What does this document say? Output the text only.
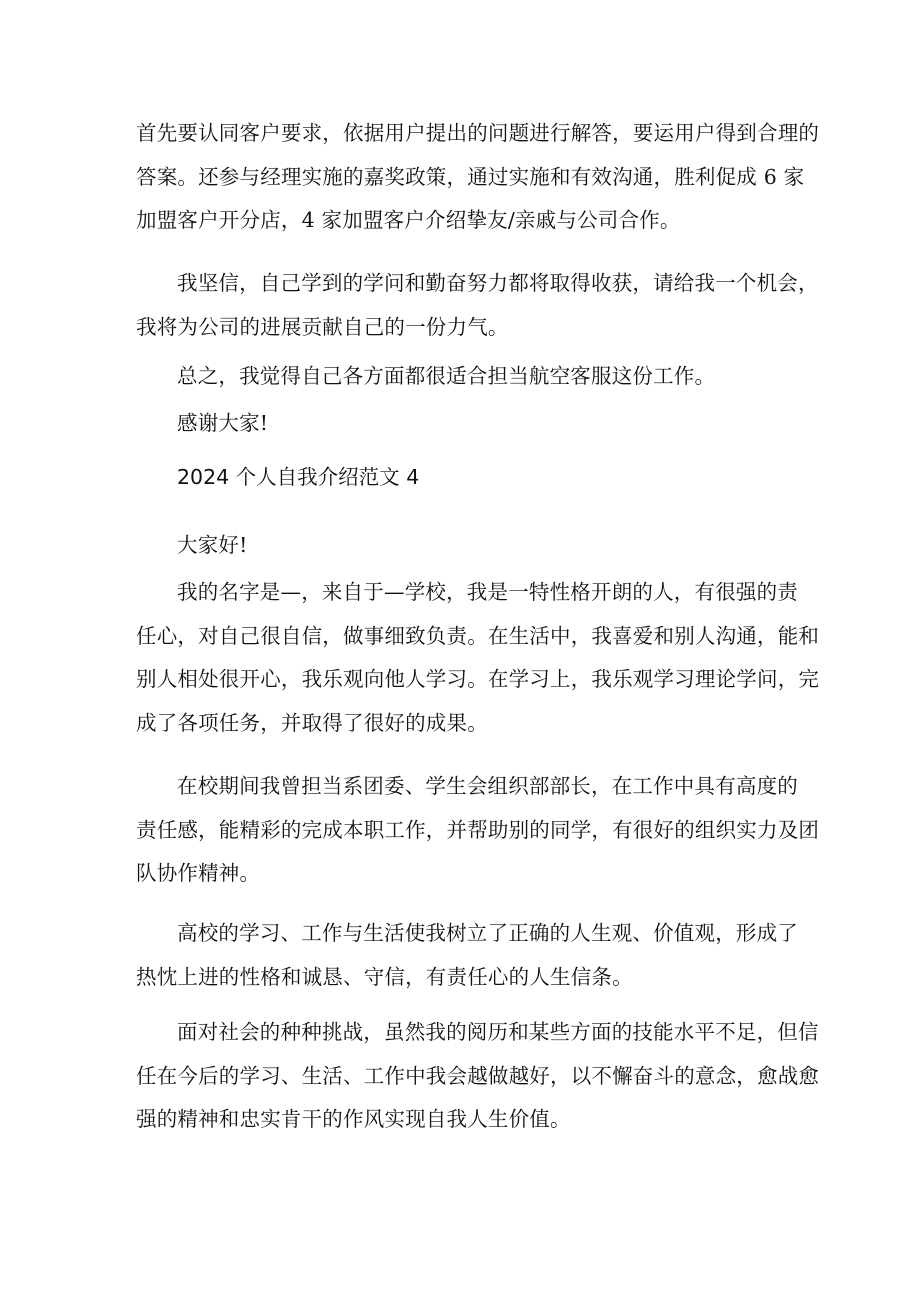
首先要认同客户要求，依据用户提出的问题进行解答，要运用户得到合理的
答案。还参与经理实施的嘉奖政策，通过实施和有效沟通，胜利促成 6 家
加盟客户开分店，4 家加盟客户介绍挚友/亲戚与公司合作。

我坚信，自己学到的学问和勤奋努力都将取得收获，请给我一个机会，
我将为公司的进展贡献自己的一份力气。

总之，我觉得自己各方面都很适合担当航空客服这份工作。

感谢大家!

2024 个人自我介绍范文 4

大家好!

我的名字是—，来自于—学校，我是一特性格开朗的人，有很强的责
任心，对自己很自信，做事细致负责。在生活中，我喜爱和别人沟通，能和
别人相处很开心，我乐观向他人学习。在学习上，我乐观学习理论学问，完
成了各项任务，并取得了很好的成果。

在校期间我曾担当系团委、学生会组织部部长，在工作中具有高度的
责任感，能精彩的完成本职工作，并帮助别的同学，有很好的组织实力及团
队协作精神。

高校的学习、工作与生活使我树立了正确的人生观、价值观，形成了
热忱上进的性格和诚恳、守信，有责任心的人生信条。

面对社会的种种挑战，虽然我的阅历和某些方面的技能水平不足，但信
任在今后的学习、生活、工作中我会越做越好，以不懈奋斗的意念，愈战愈
强的精神和忠实肯干的作风实现自我人生价值。
